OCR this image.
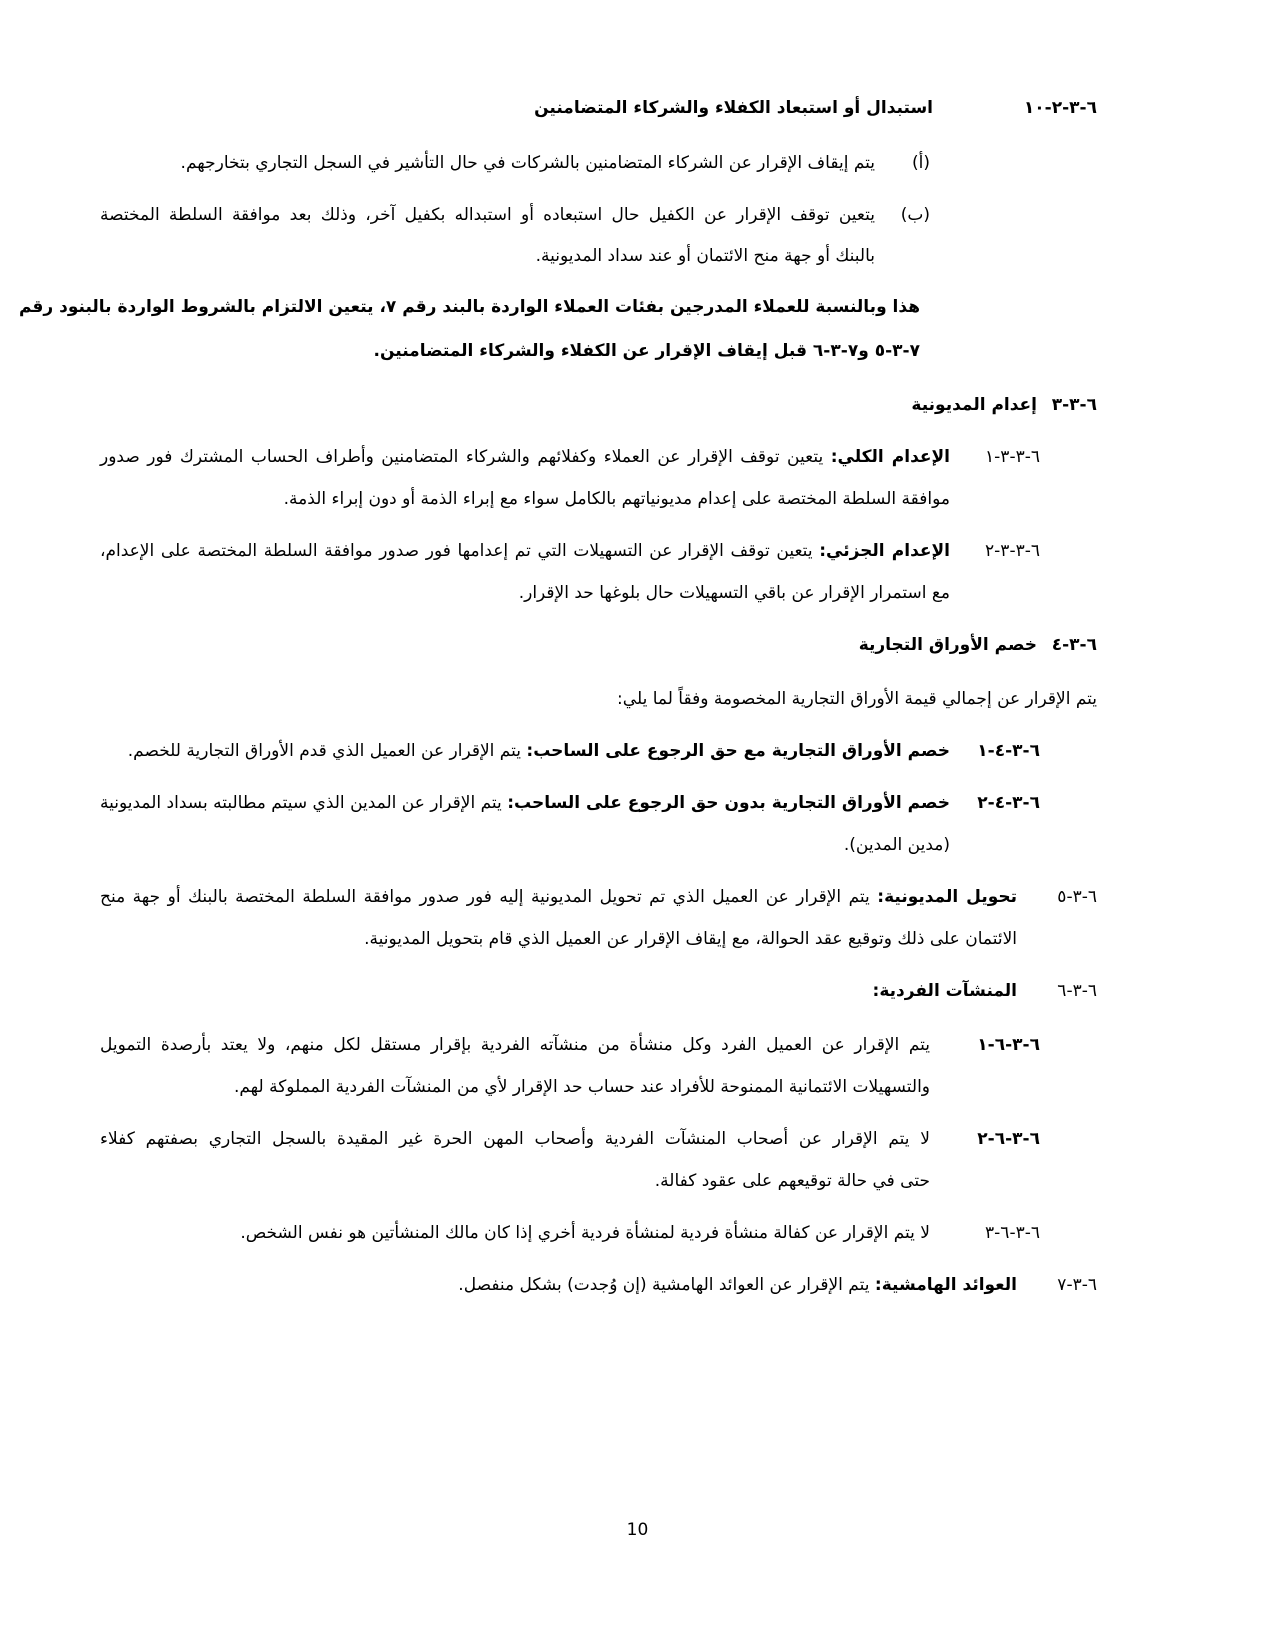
٦-٣-٢-١٠
استبدال أو استبعاد الكفلاء والشركاء المتضامنين
(أ)
يتم إيقاف الإقرار عن الشركاء المتضامنين بالشركات في حال التأشير في السجل التجاري بتخارجهم.
(ب)
يتعين توقف الإقرار عن الكفيل حال استبعاده أو استبداله بكفيل آخر، وذلك بعد موافقة السلطة المختصة
بالبنك أو جهة منح الائتمان أو عند سداد المديونية.
هذا وبالنسبة للعملاء المدرجين بفئات العملاء الواردة بالبند رقم ٧، يتعين الالتزام بالشروط الواردة بالبنود رقم
٧-٣-٥ و٧-٣-٦ قبل إيقاف الإقرار عن الكفلاء والشركاء المتضامنين.
٦-٣-٣
إعدام المديونية
٦-٣-٣-١
الإعدام الكلي: يتعين توقف الإقرار عن العملاء وكفلائهم والشركاء المتضامنين وأطراف الحساب المشترك فور صدور
موافقة السلطة المختصة على إعدام مديونياتهم بالكامل سواء مع إبراء الذمة أو دون إبراء الذمة.
٦-٣-٣-٢
الإعدام الجزئي: يتعين توقف الإقرار عن التسهيلات التي تم إعدامها فور صدور موافقة السلطة المختصة على الإعدام،
مع استمرار الإقرار عن باقي التسهيلات حال بلوغها حد الإقرار.
٦-٣-٤
خصم الأوراق التجارية
يتم الإقرار عن إجمالي قيمة الأوراق التجارية المخصومة وفقاً لما يلي:
٦-٣-٤-١
خصم الأوراق التجارية مع حق الرجوع على الساحب: يتم الإقرار عن العميل الذي قدم الأوراق التجارية للخصم.
٦-٣-٤-٢
خصم الأوراق التجارية بدون حق الرجوع على الساحب: يتم الإقرار عن المدين الذي سيتم مطالبته بسداد المديونية
(مدين المدين).
٦-٣-٥
تحويل المديونية: يتم الإقرار عن العميل الذي تم تحويل المديونية إليه فور صدور موافقة السلطة المختصة بالبنك أو جهة منح
الائتمان على ذلك وتوقيع عقد الحوالة، مع إيقاف الإقرار عن العميل الذي قام بتحويل المديونية.
٦-٣-٦
المنشآت الفردية:
٦-٣-٦-١
يتم الإقرار عن العميل الفرد وكل منشأة من منشآته الفردية بإقرار مستقل لكل منهم، ولا يعتد بأرصدة التمويل
والتسهيلات الائتمانية الممنوحة للأفراد عند حساب حد الإقرار لأي من المنشآت الفردية المملوكة لهم.
٦-٣-٦-٢
لا يتم الإقرار عن أصحاب المنشآت الفردية وأصحاب المهن الحرة غير المقيدة بالسجل التجاري بصفتهم كفلاء
حتى في حالة توقيعهم على عقود كفالة.
٦-٣-٦-٣
لا يتم الإقرار عن كفالة منشأة فردية لمنشأة فردية أخري إذا كان مالك المنشأتين هو نفس الشخص.
٦-٣-٧
العوائد الهامشية: يتم الإقرار عن العوائد الهامشية (إن وُجدت) بشكل منفصل.
10
